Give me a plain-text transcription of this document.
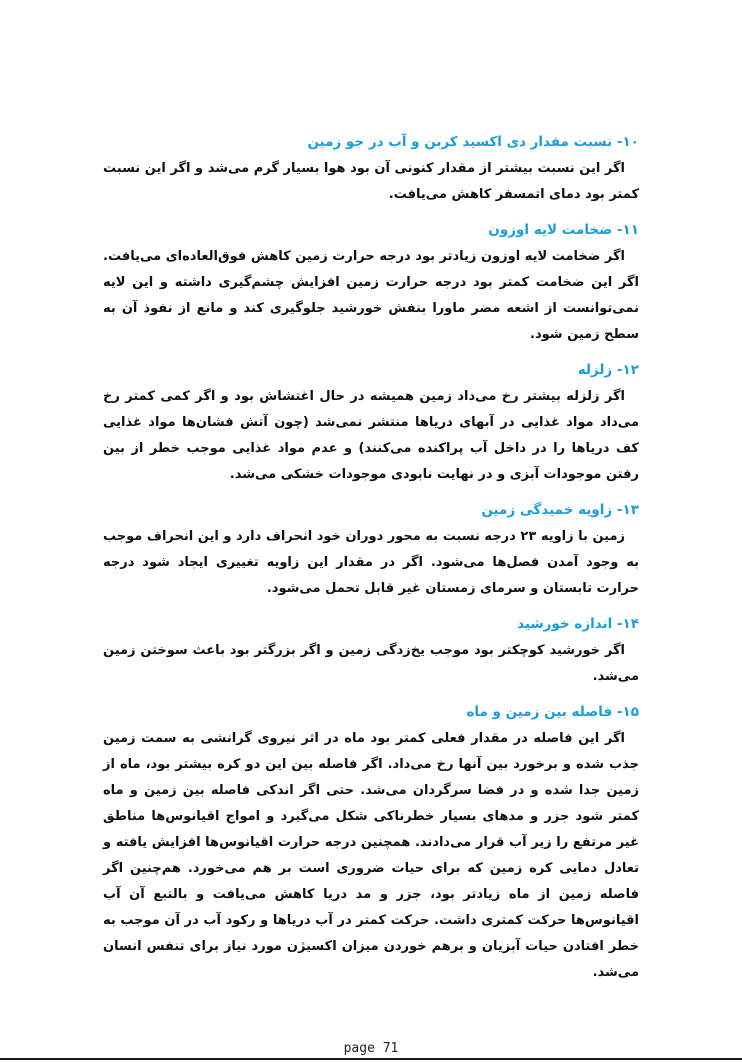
۱۰- نسبت مقدار دی اکسید کربن و آب در جو زمین

اگر این نسبت بیشتر از مقدار کنونی آن بود هوا بسیار گرم می‌شد و اگر این نسبت کمتر بود دمای اتمسفر کاهش می‌یافت.

۱۱- ضخامت لایه اوزون

اگر ضخامت لایه اوزون زیادتر بود درجه حرارت زمین کاهش فوق‌العاده‌ای می‌یافت. اگر این ضخامت کمتر بود درجه حرارت زمین افزایش چشم‌گیری داشته و این لایه نمی‌توانست از اشعه مضر ماورا بنفش خورشید جلوگیری کند و مانع از نفوذ آن به سطح زمین شود.

۱۲- زلزله

اگر زلزله بیشتر رخ می‌داد زمین همیشه در حال اغتشاش بود و اگر کمی کمتر رخ می‌داد مواد غذایی در آبهای دریاها منتشر نمی‌شد (چون آتش فشان‌ها مواد غذایی کف دریاها را در داخل آب پراکنده می‌کنند) و عدم مواد غذایی موجب خطر از بین رفتن موجودات آبزی و در نهایت نابودی موجودات خشکی می‌شد.

۱۳- زاویه خمیدگی زمین

زمین با زاویه ۲۳ درجه نسبت به محور دوران خود انحراف دارد و این انحراف موجب به وجود آمدن فصل‌ها می‌شود. اگر در مقدار این زاویه تغییری ایجاد شود درجه حرارت تابستان و سرمای زمستان غیر قابل تحمل می‌شود.

۱۴- اندازه خورشید

اگر خورشید کوچکتر بود موجب یخ‌زدگی زمین و اگر بزرگتر بود باعث سوختن زمین می‌شد.

۱۵- فاصله بین زمین و ماه

اگر این فاصله در مقدار فعلی کمتر بود ماه در اثر نیروی گرانشی به سمت زمین جذب شده و برخورد بین آنها رخ می‌داد. اگر فاصله بین این دو کره بیشتر بود، ماه از زمین جدا شده و در فضا سرگردان می‌شد. حتی اگر اندکی فاصله بین زمین و ماه کمتر شود جزر و مدهای بسیار خطرناکی شکل می‌گیرد و امواج اقیانوس‌ها مناطق غیر مرتفع را زیر آب قرار می‌دادند. همچنین درجه حرارت اقیانوس‌ها افزایش یافته و تعادل دمایی کره زمین که برای حیات ضروری است بر هم می‌خورد. هم‌چنین اگر فاصله زمین از ماه زیادتر بود، جزر و مد دریا کاهش می‌یافت و بالتبع آن آب اقیانوس‌ها حرکت کمتری داشت. حرکت کمتر در آب دریاها و رکود آب در آن موجب به خطر افتادن حیات آبزیان و برهم خوردن میزان اکسیژن مورد نیاز برای تنفس انسان می‌شد.

page 71
